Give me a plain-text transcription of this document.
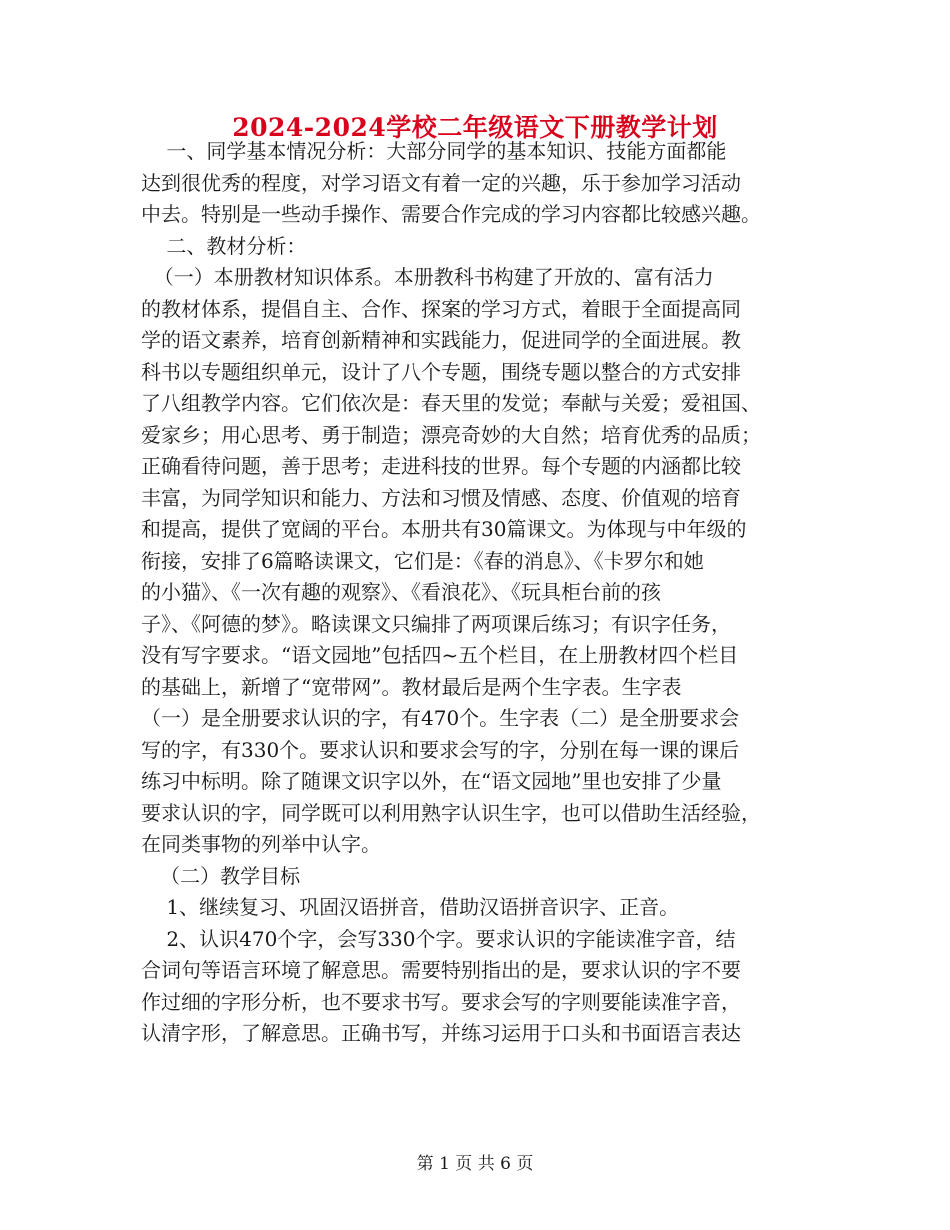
2024-2024学校二年级语文下册教学计划

一、同学基本情况分析：大部分同学的基本知识、技能方面都能

达到很优秀的程度，对学习语文有着一定的兴趣，乐于参加学习活动

中去。特别是一些动手操作、需要合作完成的学习内容都比较感兴趣。

二、教材分析：

（一）本册教材知识体系。本册教科书构建了开放的、富有活力

的教材体系，提倡自主、合作、探案的学习方式，着眼于全面提高同

学的语文素养，培育创新精神和实践能力，促进同学的全面进展。教

科书以专题组织单元，设计了八个专题，围绕专题以整合的方式安排

了八组教学内容。它们依次是：春天里的发觉；奉献与关爱；爱祖国、

爱家乡；用心思考、勇于制造；漂亮奇妙的大自然；培育优秀的品质；

正确看待问题，善于思考；走进科技的世界。每个专题的内涵都比较

丰富，为同学知识和能力、方法和习惯及情感、态度、价值观的培育

和提高，提供了宽阔的平台。本册共有30篇课文。为体现与中年级的

衔接，安排了6篇略读课文，它们是：《春的消息》、《卡罗尔和她

的小猫》、《一次有趣的观察》、《看浪花》、《玩具柜台前的孩

子》、《阿德的梦》。略读课文只编排了两项课后练习；有识字任务，

没有写字要求。“语文园地”包括四~五个栏目，在上册教材四个栏目

的基础上，新增了“宽带网”。教材最后是两个生字表。生字表

（一）是全册要求认识的字，有470个。生字表（二）是全册要求会

写的字，有330个。要求认识和要求会写的字，分别在每一课的课后

练习中标明。除了随课文识字以外，在“语文园地”里也安排了少量

要求认识的字，同学既可以利用熟字认识生字，也可以借助生活经验，

在同类事物的列举中认字。

（二）教学目标

1、继续复习、巩固汉语拼音，借助汉语拼音识字、正音。

2、认识470个字，会写330个字。要求认识的字能读准字音，结

合词句等语言环境了解意思。需要特别指出的是，要求认识的字不要

作过细的字形分析，也不要求书写。要求会写的字则要能读准字音，

认清字形，了解意思。正确书写，并练习运用于口头和书面语言表达

第 1 页 共 6 页
